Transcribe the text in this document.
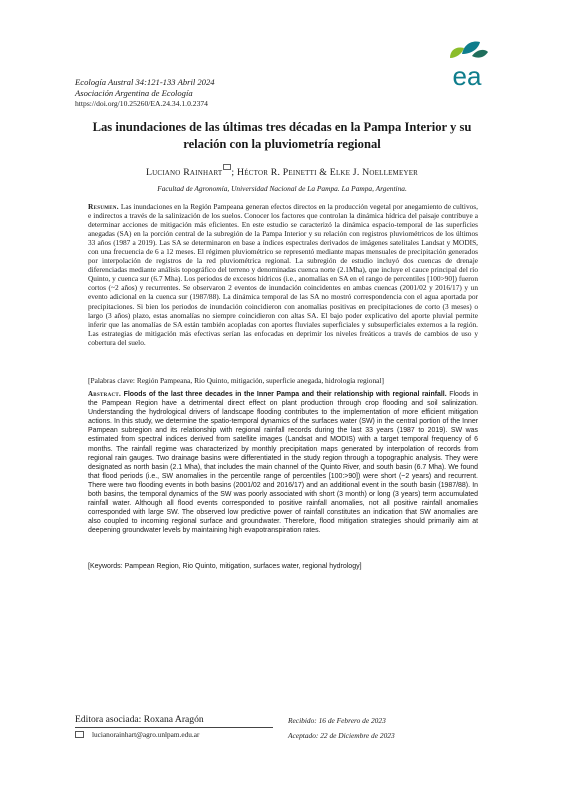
Ecología Austral 34:121-133 Abril 2024
Asociación Argentina de Ecología
https://doi.org/10.25260/EA.24.34.1.0.2374
ea
Las inundaciones de las últimas tres décadas en la Pampa Interior y su relación con la pluviometría regional
Luciano Rainhart ; Héctor R. Peinetti & Elke J. Noellemeyer
Facultad de Agronomía, Universidad Nacional de La Pampa. La Pampa, Argentina.

Resumen. Las inundaciones en la Región Pampeana generan efectos directos en la producción vegetal por anegamiento de cultivos, e indirectos a través de la salinización de los suelos. Conocer los factores que controlan la dinámica hídrica del paisaje contribuye a determinar acciones de mitigación más eficientes. En este estudio se caracterizó la dinámica espacio-temporal de las superficies anegadas (SA) en la porción central de la subregión de la Pampa Interior y su relación con registros pluviométricos de los últimos 33 años (1987 a 2019). Las SA se determinaron en base a índices espectrales derivados de imágenes satelitales Landsat y MODIS, con una frecuencia de 6 a 12 meses. El régimen pluviométrico se representó mediante mapas mensuales de precipitación generados por interpolación de registros de la red pluviométrica regional. La subregión de estudio incluyó dos cuencas de drenaje diferenciadas mediante análisis topográfico del terreno y denominadas cuenca norte (2.1Mha), que incluye el cauce principal del río Quinto, y cuenca sur (6.7 Mha). Los periodos de excesos hídricos (i.e., anomalías en SA en el rango de percentiles [100>90]) fueron cortos (~2 años) y recurrentes. Se observaron 2 eventos de inundación coincidentes en ambas cuencas (2001/02 y 2016/17) y un evento adicional en la cuenca sur (1987/88). La dinámica temporal de las SA no mostró correspondencia con el agua aportada por precipitaciones. Si bien los periodos de inundación coincidieron con anomalías positivas en precipitaciones de corto (3 meses) o largo (3 años) plazo, estas anomalías no siempre coincidieron con altas SA. El bajo poder explicativo del aporte pluvial permite inferir que las anomalías de SA están también acopladas con aportes fluviales superficiales y subsuperficiales externos a la región. Las estrategias de mitigación más efectivas serían las enfocadas en deprimir los niveles freáticos a través de cambios de uso y cobertura del suelo.

[Palabras clave: Región Pampeana, Río Quinto, mitigación, superficie anegada, hidrología regional]

Abstract. Floods of the last three decades in the Inner Pampa and their relationship with regional rainfall. Floods in the Pampean Region have a detrimental direct effect on plant production through crop flooding and soil salinization. Understanding the hydrological drivers of landscape flooding contributes to the implementation of more efficient mitigation actions. In this study, we determine the spatio-temporal dynamics of the surfaces water (SW) in the central portion of the Inner Pampean subregion and its relationship with regional rainfall records during the last 33 years (1987 to 2019). SW was estimated from spectral indices derived from satellite images (Landsat and MODIS) with a target temporal frequency of 6 months. The rainfall regime was characterized by monthly precipitation maps generated by interpolation of records from regional rain gauges. Two drainage basins were differentiated in the study region through a topographic analysis. They were designated as north basin (2.1 Mha), that includes the main channel of the Quinto River, and south basin (6.7 Mha). We found that flood periods (i.e., SW anomalies in the percentile range of percentiles [100:>90]) were short (~2 years) and recurrent. There were two flooding events in both basins (2001/02 and 2016/17) and an additional event in the south basin (1987/88). In both basins, the temporal dynamics of the SW was poorly associated with short (3 month) or long (3 years) term accumulated rainfall water. Although all flood events corresponded to positive rainfall anomalies, not all positive rainfall anomalies corresponded with large SW. The observed low predictive power of rainfall constitutes an indication that SW anomalies are also coupled to incoming regional surface and groundwater. Therefore, flood mitigation strategies should primarily aim at deepening groundwater levels by maintaining high evapotranspiration rates.

[Keywords: Pampean Region, Rio Quinto, mitigation, surfaces water, regional hydrology]
Editora asociada: Roxana Aragón
lucianorainhart@agro.unlpam.edu.ar
Recibido: 16 de Febrero de 2023
Aceptado: 22 de Diciembre de 2023
